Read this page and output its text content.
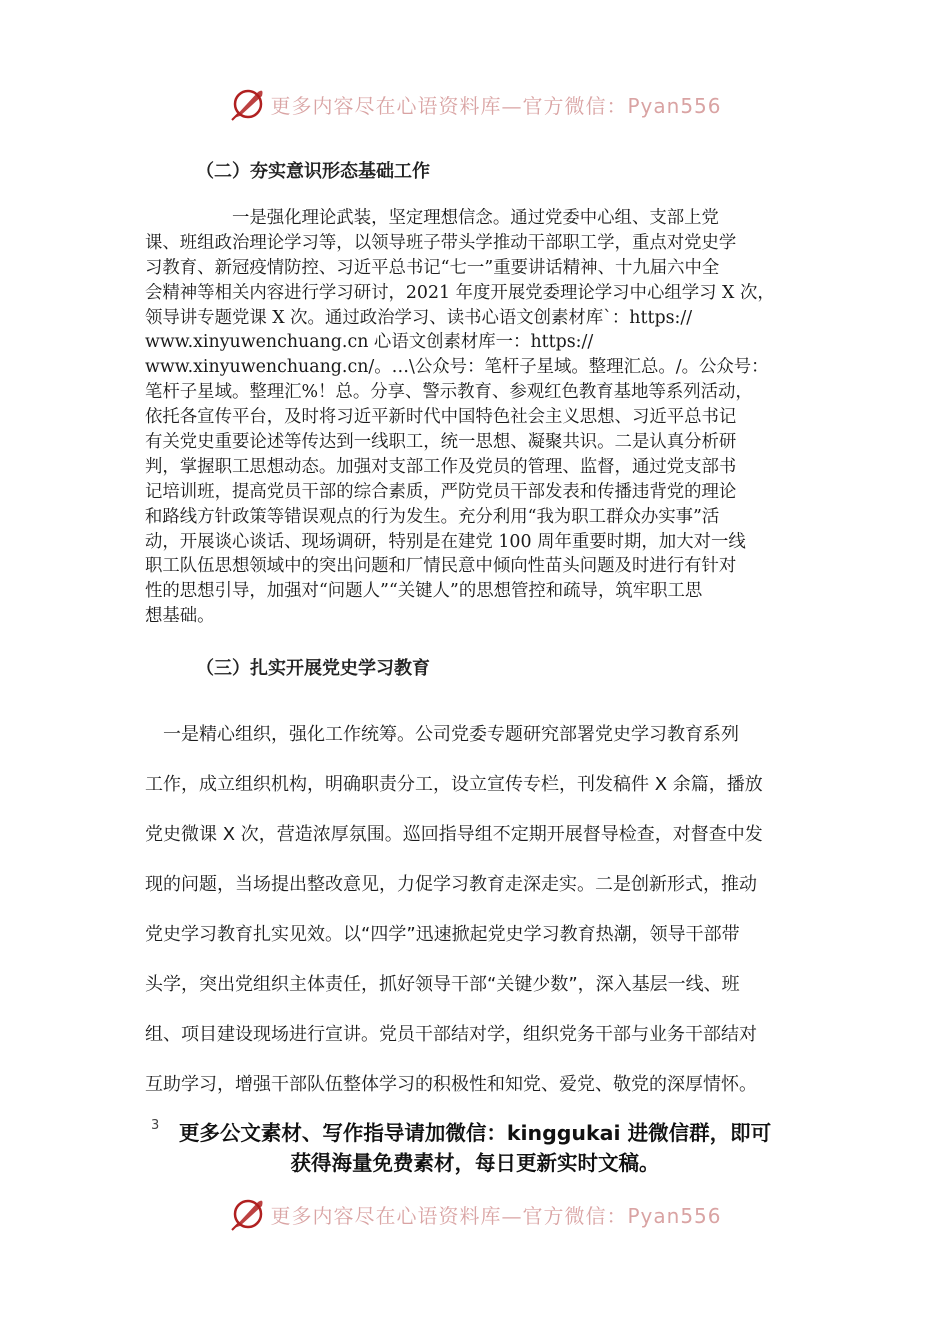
更多内容尽在心语资料库—官方微信：Pyan556
（二）夯实意识形态基础工作
　　　　　一是强化理论武装，坚定理想信念。通过党委中心组、支部上党
课、班组政治理论学习等，以领导班子带头学推动干部职工学，重点对党史学
习教育、新冠疫情防控、习近平总书记“七一”重要讲话精神、十九届六中全
会精神等相关内容进行学习研讨，2021 年度开展党委理论学习中心组学习 X 次，
领导讲专题党课 X 次。通过政治学习、读书心语文创素材库`：https://
www.xinyuwenchuang.cn 心语文创素材库一：https://
www.xinyuwenchuang.cn/。…\公众号：笔杆子星域。整理汇总。/。公众号：
笔杆子星域。整理汇%！总。分享、警示教育、参观红色教育基地等系列活动，
依托各宣传平台，及时将习近平新时代中国特色社会主义思想、习近平总书记
有关党史重要论述等传达到一线职工，统一思想、凝聚共识。二是认真分析研
判，掌握职工思想动态。加强对支部工作及党员的管理、监督，通过党支部书
记培训班，提高党员干部的综合素质，严防党员干部发表和传播违背党的理论
和路线方针政策等错误观点的行为发生。充分利用“我为职工群众办实事”活
动，开展谈心谈话、现场调研，特别是在建党 100 周年重要时期，加大对一线
职工队伍思想领域中的突出问题和厂情民意中倾向性苗头问题及时进行有针对
性的思想引导，加强对“问题人”“关键人”的思想管控和疏导，筑牢职工思
想基础。
（三）扎实开展党史学习教育
　一是精心组织，强化工作统筹。公司党委专题研究部署党史学习教育系列
工作，成立组织机构，明确职责分工，设立宣传专栏，刊发稿件 X 余篇，播放
党史微课 X 次，营造浓厚氛围。巡回指导组不定期开展督导检查，对督查中发
现的问题，当场提出整改意见，力促学习教育走深走实。二是创新形式，推动
党史学习教育扎实见效。以“四学”迅速掀起党史学习教育热潮，领导干部带
头学，突出党组织主体责任，抓好领导干部“关键少数”，深入基层一线、班
组、项目建设现场进行宣讲。党员干部结对学，组织党务干部与业务干部结对
互助学习，增强干部队伍整体学习的积极性和知党、爱党、敬党的深厚情怀。
3 更多公文素材、写作指导请加微信：kinggukai 进微信群，即可
获得海量免费素材，每日更新实时文稿。
更多内容尽在心语资料库—官方微信：Pyan556
